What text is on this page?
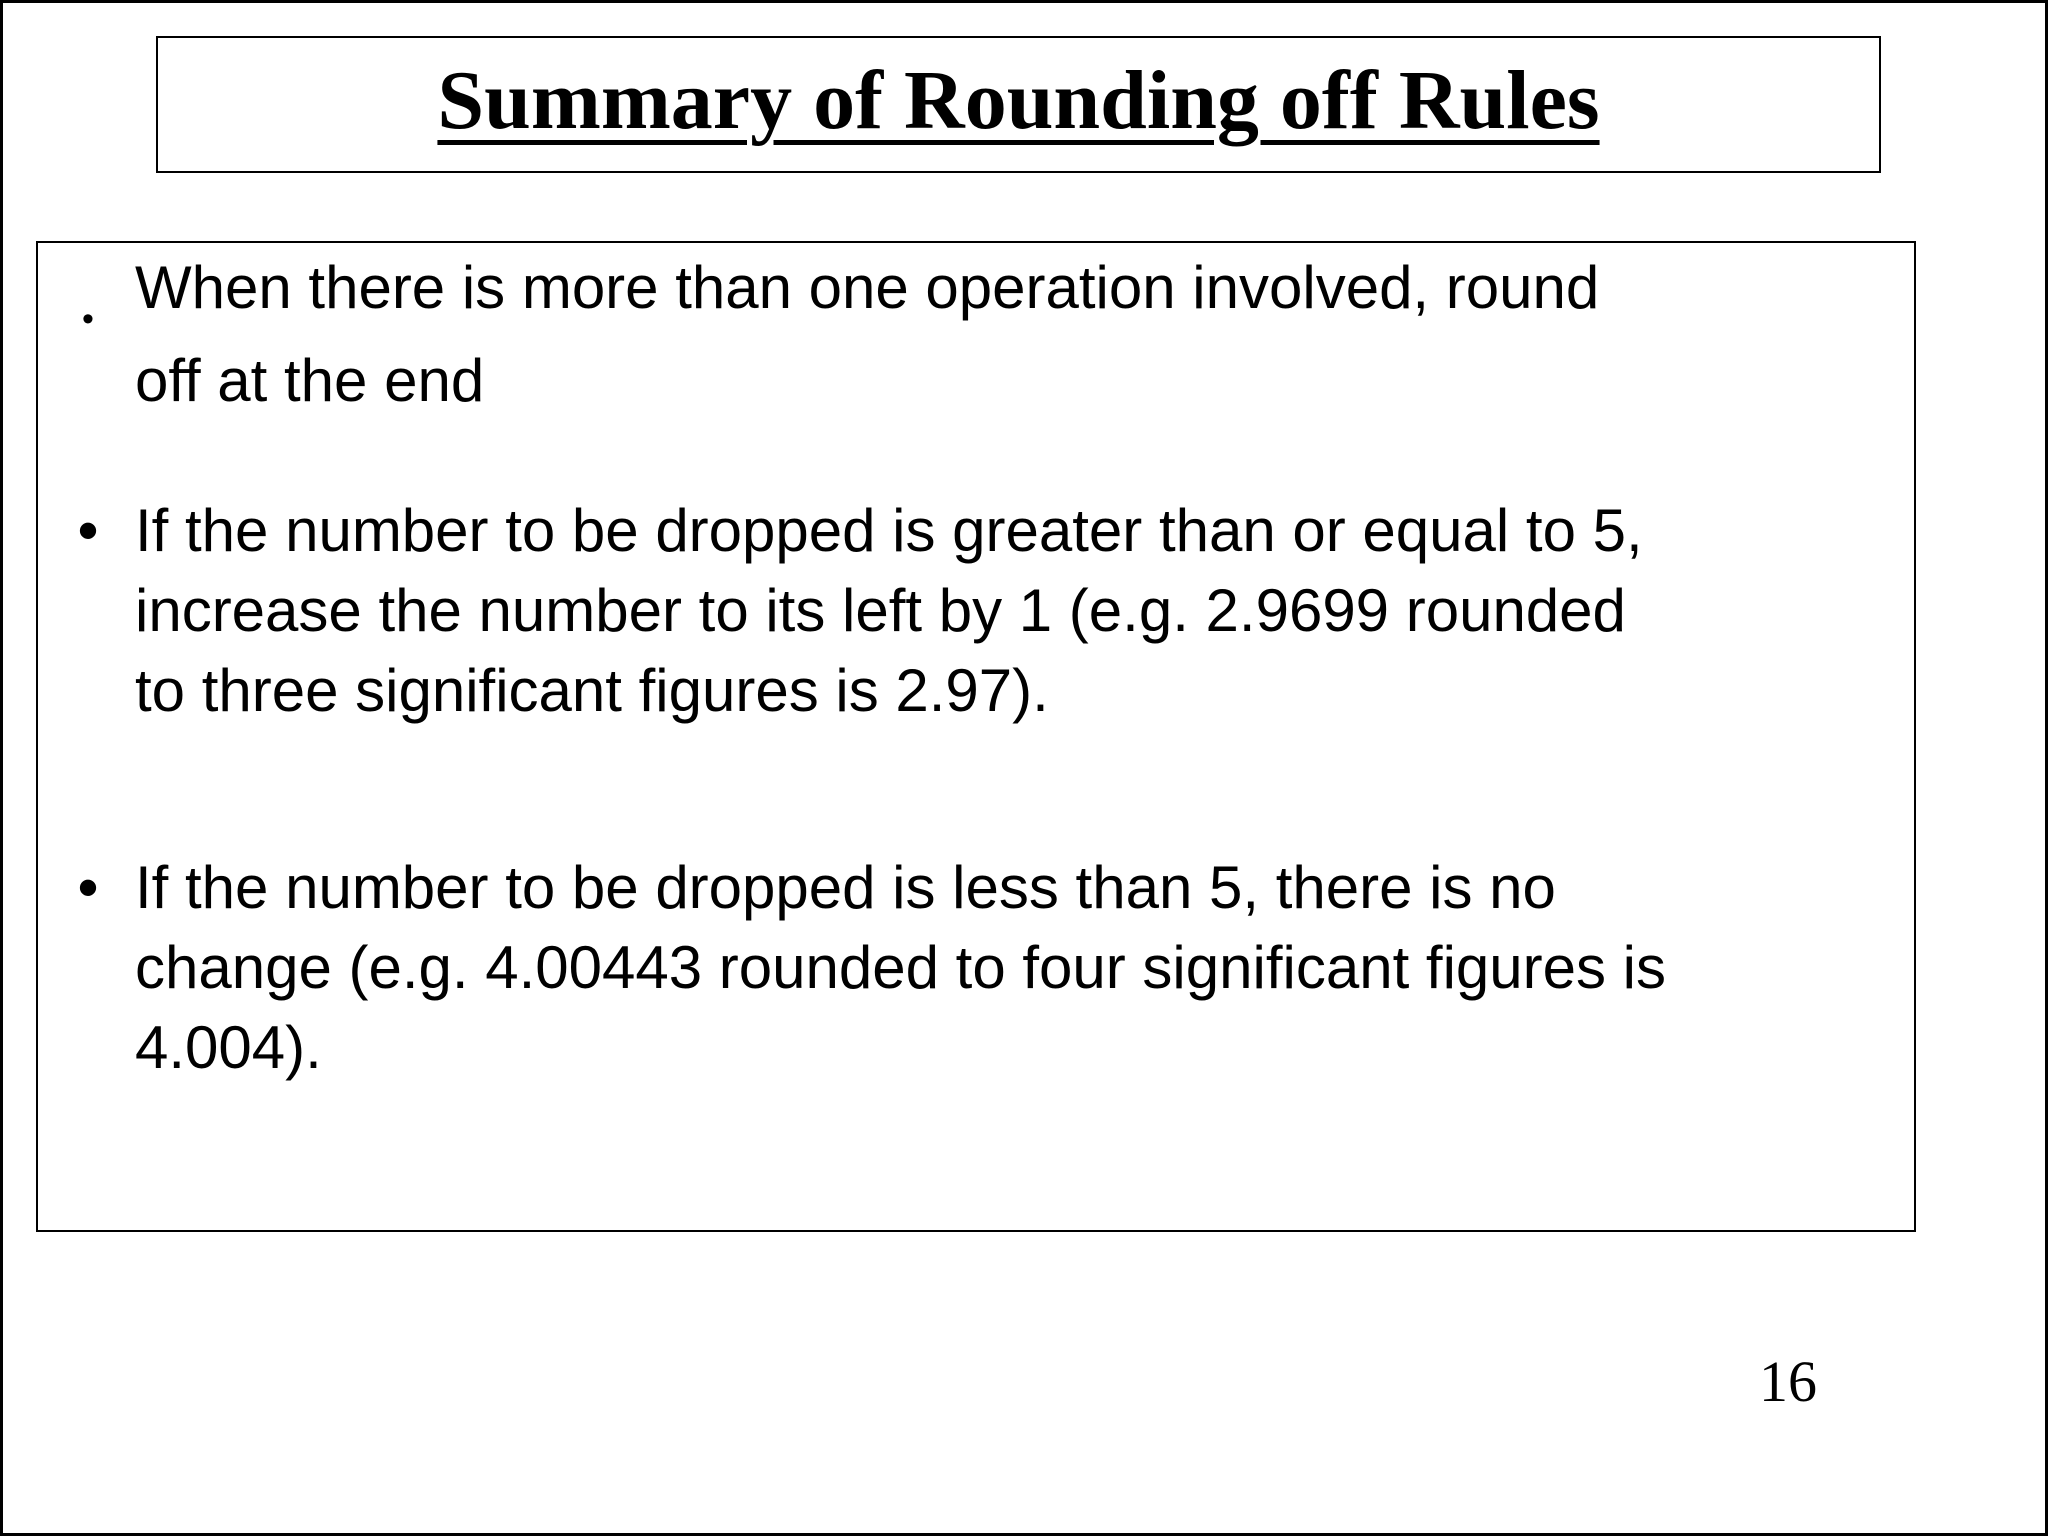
Summary of Rounding off Rules
• When there is more than one operation involved, round
off at the end
• If the number to be dropped is greater than or equal to 5,
increase the number to its left by 1 (e.g. 2.9699 rounded
to three significant figures is 2.97).
• If the number to be dropped is less than 5, there is no
change (e.g. 4.00443 rounded to four significant figures is
4.004).
16
